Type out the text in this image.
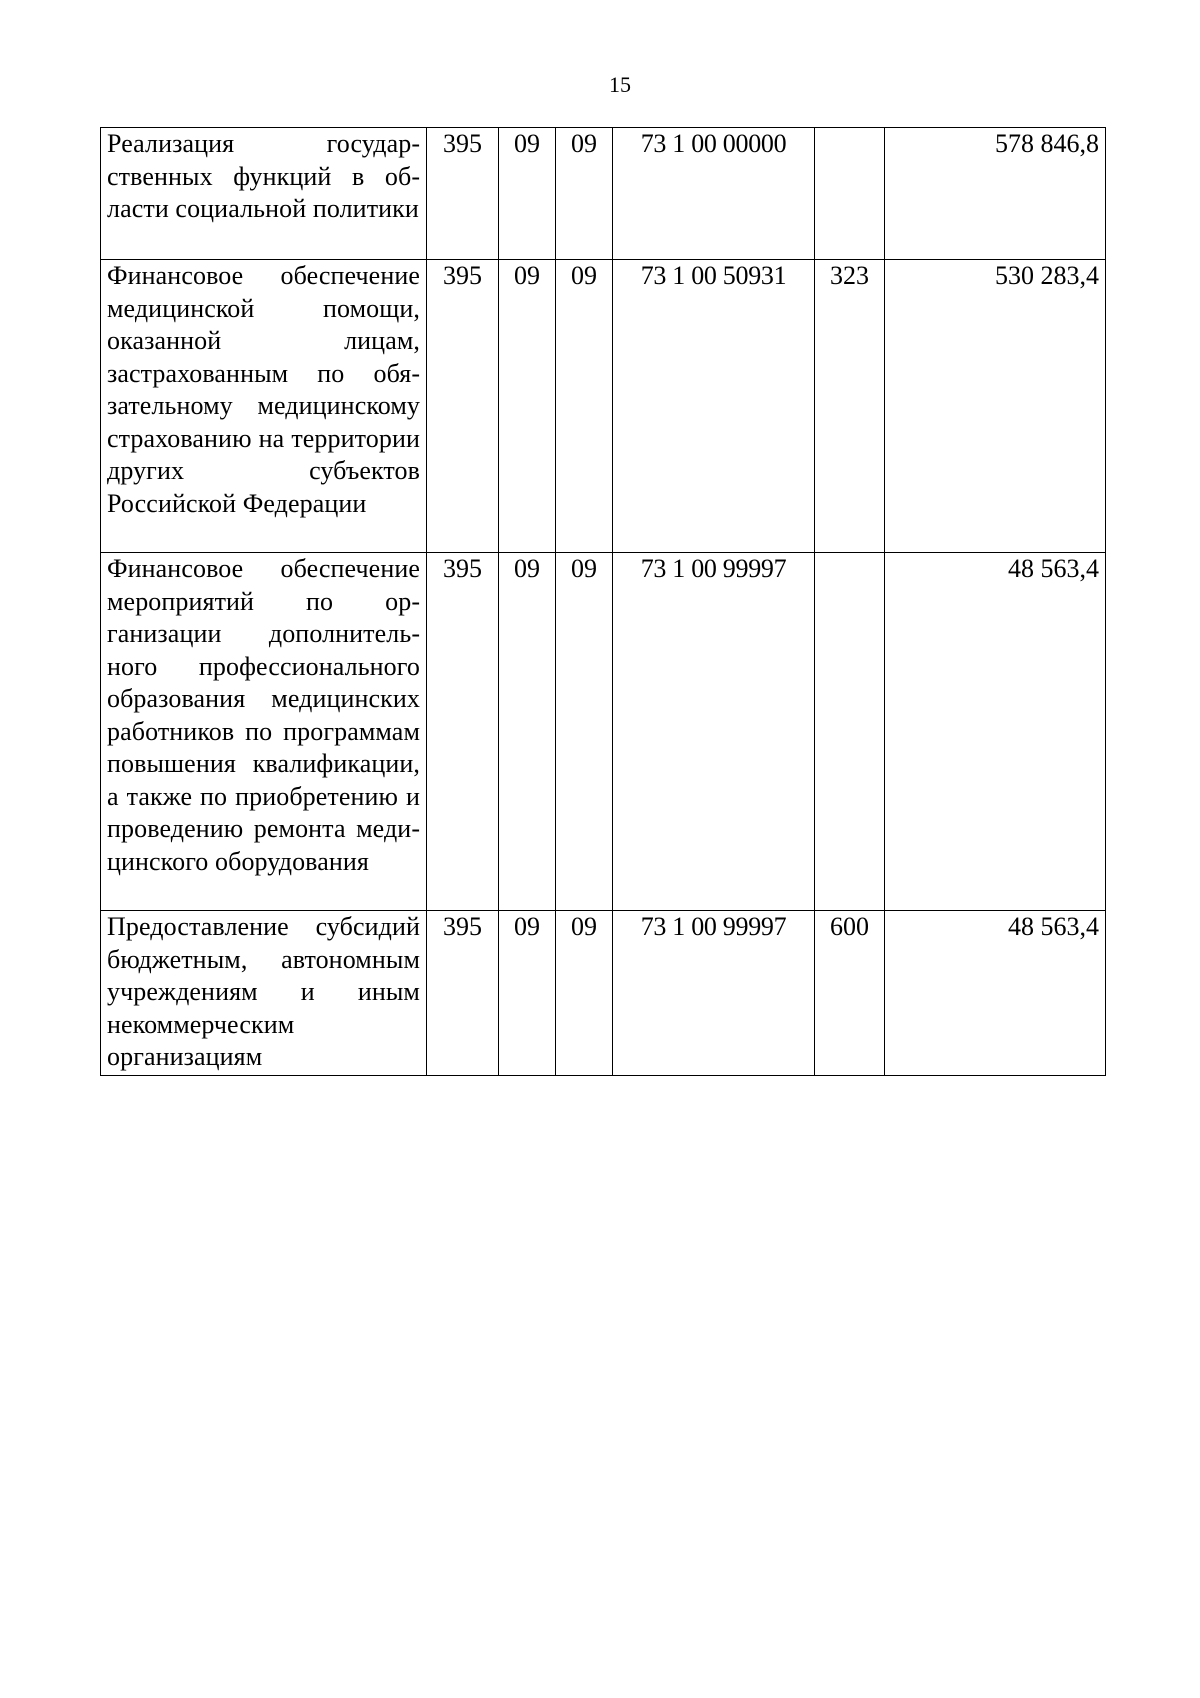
15
Реализация государственных функций в области социальной политики	395	09	09	73 1 00 00000		578 846,8
Финансовое обеспечение медицинской помощи, оказанной лицам, застрахованным по обязательному медицинскому страхованию на территории других субъектов Российской Федерации	395	09	09	73 1 00 50931	323	530 283,4
Финансовое обеспечение мероприятий по организации дополнительного профессионального образования медицинских работников по программам повышения квалификации, а также по приобретению и проведению ремонта медицинского оборудования	395	09	09	73 1 00 99997		48 563,4
Предоставление субсидий бюджетным, автономным учреждениям и иным некоммерческим организациям	395	09	09	73 1 00 99997	600	48 563,4
